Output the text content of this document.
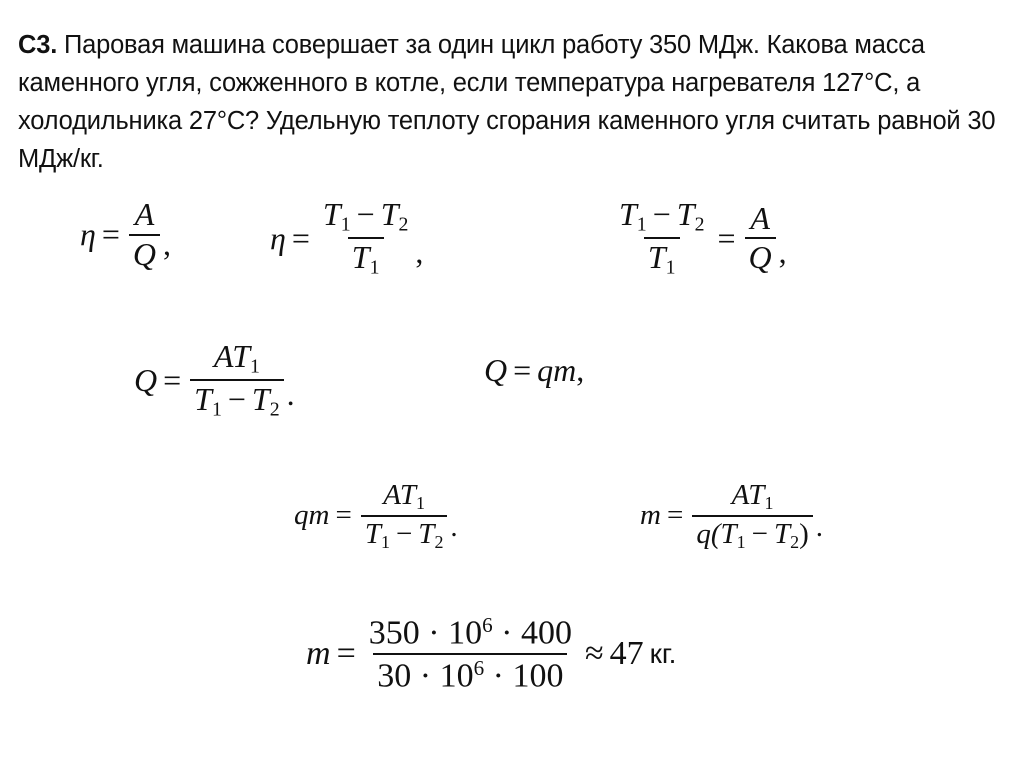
С3. Паровая машина совершает за один цикл работу 350 МДж. Какова масса каменного угля, сожженного в котле, если температура нагревателя 127°С, а холодильника 27°С? Удельную теплоту сгорания каменного угля считать равной 30 МДж/кг.
$\eta = \frac{A}{Q}$ ,	$\eta = \frac{T_1 - T_2}{T_1}$ ,	$\frac{T_1 - T_2}{T_1} = \frac{A}{Q}$ ,
$Q = \frac{AT_1}{T_1 - T_2}$ .
Q = qm ,
qm = $\frac{AT_1}{T_1 - T_2}$ .	$m = \frac{AT_1}{q(T_1 - T_2)}$ .
$m = \frac{350 \cdot 10^6 \cdot 400}{30 \cdot 10^6 \cdot 100} \approx 47$ кг.
